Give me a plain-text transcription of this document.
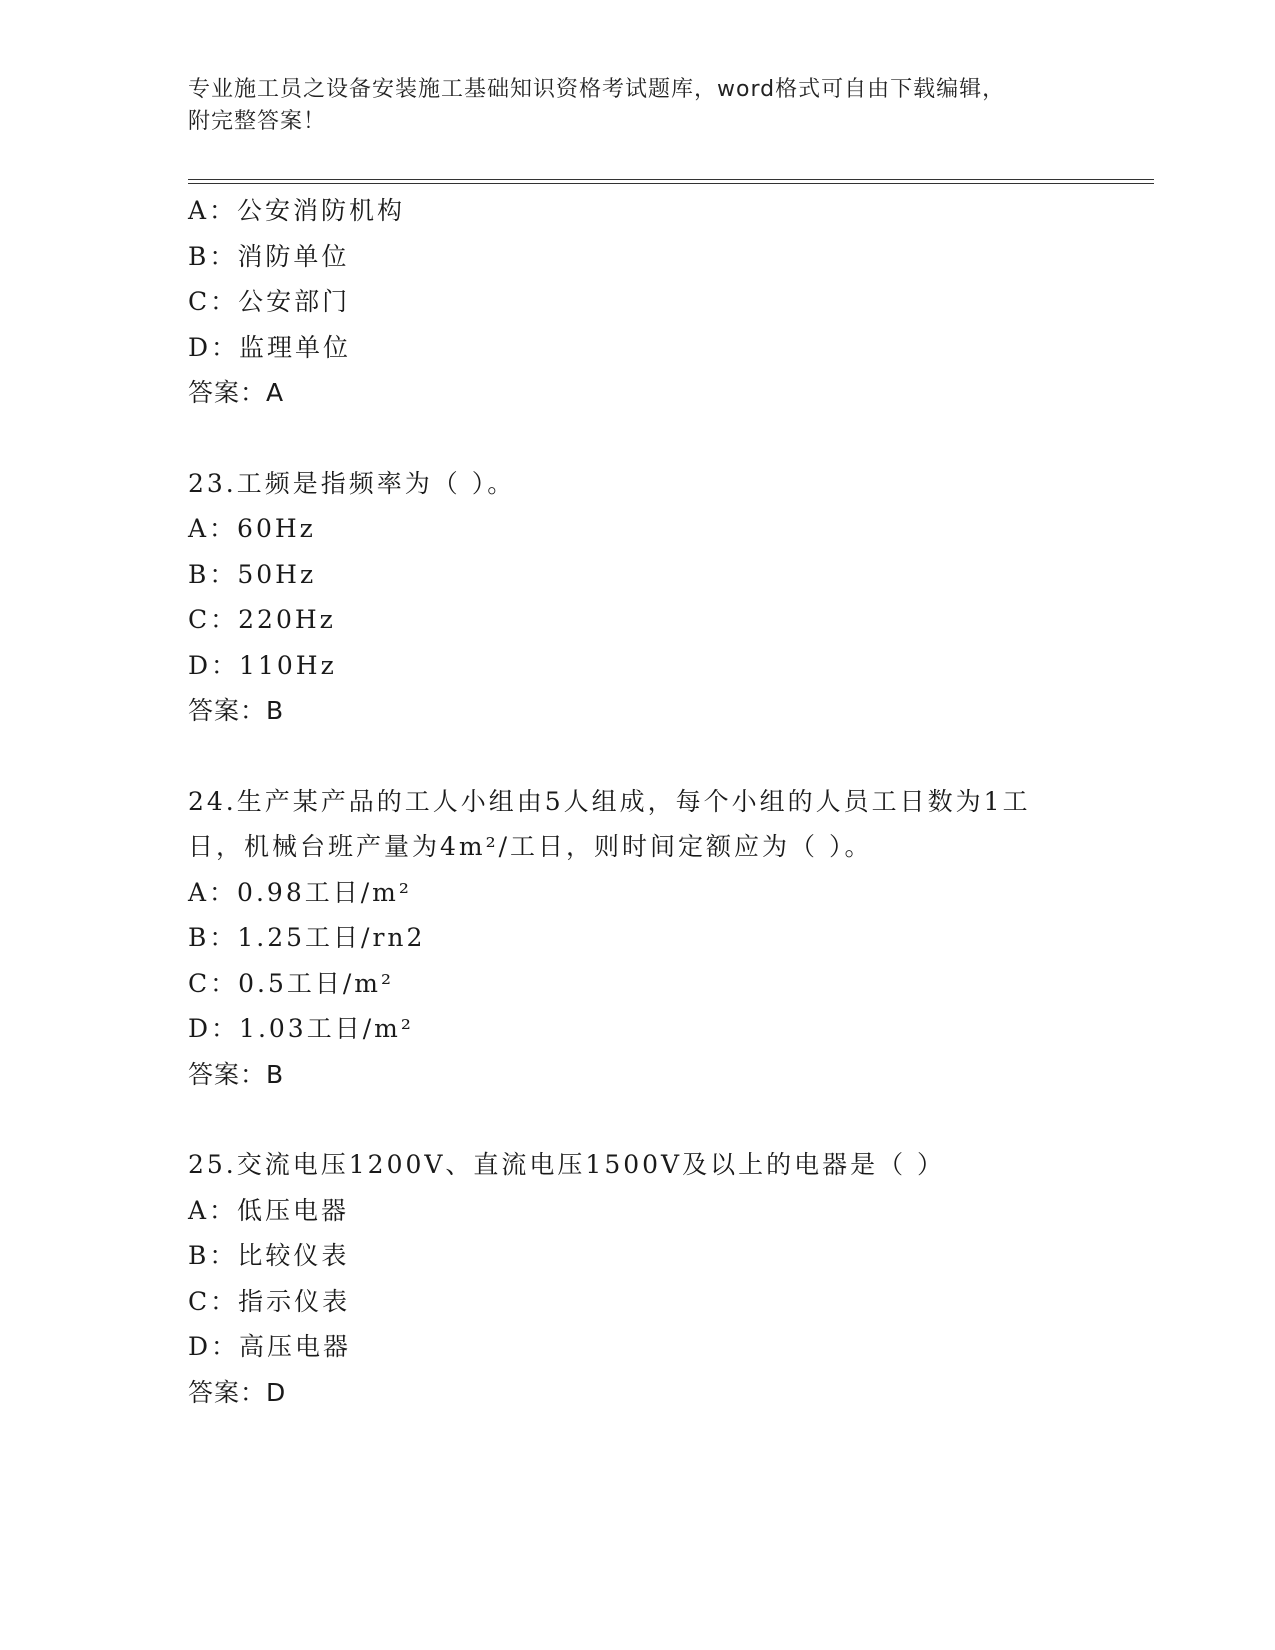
专业施工员之设备安装施工基础知识资格考试题库，word格式可自由下载编辑，
附完整答案！
A：公安消防机构
B：消防单位
C：公安部门
D：监理单位
答案：A
23.工频是指频率为（ ）。
A：60Hz
B：50Hz
C：220Hz
D：110Hz
答案：B
24.生产某产品的工人小组由5人组成，每个小组的人员工日数为1工
日，机械台班产量为4m²/工日，则时间定额应为（ ）。
A：0.98工日/m²
B：1.25工日/rn2
C：0.5工日/m²
D：1.03工日/m²
答案：B
25.交流电压1200V、直流电压1500V及以上的电器是（ ）
A：低压电器
B：比较仪表
C：指示仪表
D：高压电器
答案：D
